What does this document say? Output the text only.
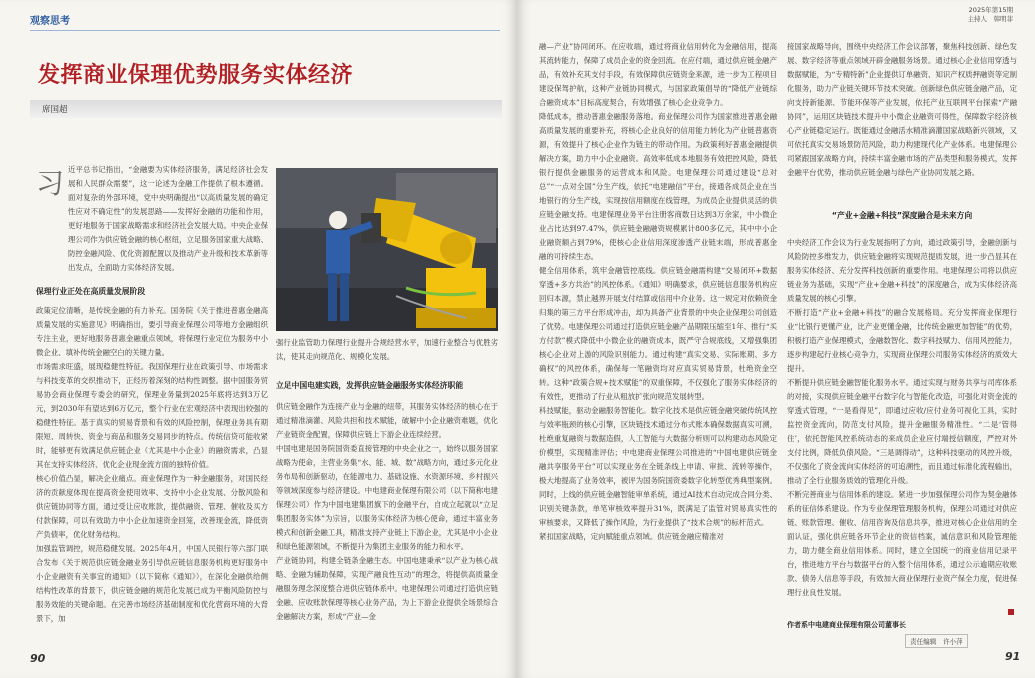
观察思考
发挥商业保理优势服务实体经济
席国超
习 近平总书记指出，“金融要为实体经济服务，满足经济社会发展和人民群众需要”，这一论述为金融工作提供了根本遵循。面对复杂的外部环境，党中央明确提出“以高质量发展的确定性应对不确定性”的发展思路——发挥好金融的功能和作用，更好地服务于国家战略需求和经济社会发展大局。中央企业保理公司作为供应链金融的核心枢纽，立足服务国家重大战略、防控金融风险、优化资源配置以及推动产业升级和技术革新等出发点，全面助力实体经济发展。
保理行业正处在高质量发展阶段
政策定位清晰，是传统金融的有力补充。国务院《关于推进普惠金融高质量发展的实施意见》明确指出，要引导商业保理公司等地方金融组织专注主业，更好地服务普惠金融重点领域，将保理行业定位为服务中小微企业、填补传统金融空白的关键力量。
市场需求旺盛，展现稳健性特征。我国保理行业在政策引导、市场需求与科技变革的交织推动下，正经历着深刻的结构性调整。据中国服务贸易协会商业保理专委会的研究，保理业务量到2025年底将达到3万亿元，到2030年有望达到6万亿元，整个行业在宏观经济中表现出较强的稳健性特征。基于真实的贸易背景和有效的风险控制，保理业务具有期限短、周转快、资金与商品和服务交易同步的特点。传统信贷可能收紧时，能够更有效满足供应链企业（尤其是中小企业）的融资需求，凸显其在支持实体经济、优化企业现金流方面的独特价值。
核心价值凸显，解决企业痛点。商业保理作为一种金融服务，对国民经济的贡献度体现在提高资金使用效率、支持中小企业发展、分散风险和供应链协同等方面，通过受让应收账款，提供融资、管理、催收及买方付款保障，可以有效助力中小企业加速资金回笼，改善现金流，降低资产负债率，优化财务结构。
加强监管调控，规范稳健发展。2025年4月，中国人民银行等六部门联合发布《关于规范供应链金融业务引导供应链信息服务机构更好服务中小企业融资有关事宜的通知》（以下简称《通知》），在深化金融供给侧结构性改革的背景下，供应链金融的规范化发展已成为平衡风险防控与服务效能的关键命题。在完善市场经济基础制度和优化营商环境的大背景下，加
强行业监管助力保理行业提升合规经营水平，加速行业整合与优胜劣汰，使其走向规范化、规模化发展。
立足中国电建实践，发挥供应链金融服务实体经济职能
供应链金融作为连接产业与金融的纽带，其服务实体经济的核心在于通过精准滴灌、风险共担和技术赋能，破解中小企业融资难题，优化产业链资金配置，保障供应链上下游企业连续经营。
中国电建是国务院国资委直接管理的中央企业之一，始终以服务国家战略为使命，主营业务集“水、能、城、数”战略方向，通过多元化业务布局和创新驱动，在能源电力、基础设施、水资源环境、乡村振兴等领域深度参与经济建设。中电建商业保理有限公司（以下简称电建保理公司）作为中国电建集团旗下的金融平台，自成立起就以“立足集团服务实体”为宗旨，以服务实体经济为核心使命，通过丰富业务模式和创新金融工具，精准支持产业链上下游企业，尤其是中小企业和绿色能源领域，不断提升为集团主业服务的能力和水平。
产业链协同，构建全链条金融生态。中国电建秉承“以产业为核心战略、金融为辅助保障，实现产融良性互动”的理念，将提供高质量金融服务理念深度整合进供应链体系中。电建保理公司通过打造供应链金融、应收账款保理等核心业务产品，为上下游企业提供全场景综合金融解决方案，形成“产业—金
90
2025年第15期
主持人　韩明菲
融—产业”协同闭环。在应收端，通过将商业信用转化为金融信用，提高其流转能力，保障了成员企业的资金回流。在应付端，通过供应链金融产品，有效补充其支付手段，有效保障供应链资金来源，进一步为工程项目建设保驾护航，这种产业链协同模式，与国家政策倡导的“降低产业链综合融资成本”目标高度契合，有效增强了核心企业竞争力。
降低成本，推动普惠金融服务落地。商业保理公司作为国家推进普惠金融高质量发展的重要补充，将核心企业良好的信用能力转化为产业链普惠资源，有效提升了核心企业作为链主的带动作用。为政策利好普惠金融提供解决方案，助力中小企业融资。高效率低成本地服务有效把控风险，降低银行提供金融服务的运营成本和风险。电建保理公司通过建设“总对总”“一点对全国”分生产线，依托“电建融信”平台，接通各成员企业在当地银行的分生产线，实现按信用额度在线管理，为成员企业提供灵活的供应链金融支持。电建保理业务平台注册客商数日达到3万余家，中小微企业占比达到97.47%，供应链金融融资规模累计800多亿元，其中中小企业融资额占到79%，使核心企业信用深度渗透产业链末端，形成普惠金融的可持续生态。
健全信用体系，筑牢金融管控底线。供应链金融需构建“交易闭环+数据穿透+多方共治”的风控体系。《通知》明确要求，供应链信息服务机构应回归本源，禁止越界开展支付结算或信用中介业务。这一规定对依赖资金归集的第三方平台形成冲击，却为具备产业背景的中央企业保理公司创造了优势。电建保理公司通过打造供应链金融产品期限压缩至1年、推行“买方付款”模式降低中小微企业的融资成本，既严守合规底线，又增强集团核心企业对上游的风险识别能力。通过构建“真实交易、实际账期、多方确权”的风控体系，确保每一笔融资均对应真实贸易背景，杜绝资金空转。这种“政策合规+技术赋能”的双重保障，不仅强化了服务实体经济的有效性，更推动了行业从粗放扩张向规范发展转型。
科技赋能，驱动金融服务智能化。数字化技术是供应链金融突破传统风控与效率瓶颈的核心引擎，区块链技术通过分布式账本确保数据真实可溯，杜绝重复融资与数据造假，人工智能与大数据分析则可以构建动态风险定价模型，实现精准评估；中电建商业保理公司推进的“中国电建供应链金融共享服务平台”可以实现业务在全链条线上申请、审批、流转等操作，极大地提高了业务效率，被评为国务院国资委数字化转型优秀典型案例。同时，上线的供应链金融智能审单系统，通过AI技术自动完成合同分类、识别关键条款，单笔审核效率提升31%，既满足了监管对贸易真实性的审核要求，又降低了操作风险，为行业提供了“技术合规”的标杆范式。
紧扣国家战略，定向赋能重点领域。供应链金融应精准对
接国家战略导向，围绕中央经济工作会议部署，聚焦科技创新、绿色发展、数字经济等重点领域开辟金融服务场景。通过核心企业信用穿透与数据赋能，为“专精特新”企业提供订单融资、知识产权质押融资等定制化服务，助力产业链关键环节技术突破。创新绿色供应链金融产品，定向支持新能源、节能环保等产业发展，依托产业互联网平台探索“产融协同”，运用区块链技术提升中小微企业融资可得性，保障数字经济核心产业链稳定运行。既能通过金融活水精准滴灌国家战略新兴领域，又可依托真实交易场景防范风险，助力构建现代化产业体系。电建保理公司紧跟国家战略方向，持续丰富金融市场的产品类型和服务模式，发挥金融平台优势，推动供应链金融与绿色产业协同发展之路。
“产业+金融+科技”深度融合是未来方向
中央经济工作会议为行业发展指明了方向，通过政策引导，金融创新与风险防控多维发力，供应链金融将实现规范提质发展，进一步凸显其在服务实体经济、充分发挥科技创新的重要作用。电建保理公司将以供应链业务为基础，实现“产业+金融+科技”的深度融合，成为实体经济高质量发展的核心引擎。
不断打造“产业+金融+科技”的融合发展格局。充分发挥商业保理行业“比银行更懂产业，比产业更懂金融，比传统金融更加智能”的优势，积极打造产业保理模式，金融数智化、数字科技赋力、信用风控能力，逐步构建起行业核心竞争力，实现商业保理公司服务实体经济的质效大提升。
不断提升供应链金融智能化服务水平。通过实现与财务共享与司库体系的对接，实现供应链金融平台数字化与智能化改造，可强化对资金流的穿透式管理，“一是看得见”，即通过应收/应付业务可视化工具，实时监控资金流向，防范支付风险，提升金融服务精准性。“二是‘管得住’，依托智能风控系统动态的来成员企业应付端授信额度，严控对外支付比例，降低负债风险。“三是调得动”，这种科技驱动的风控升级，不仅强化了资金流向实体经济的可追溯性，而且通过标准化流程输出，推动了全行业服务质效的管理化升级。
不断完善商业与信用体系的建设。紧进一步加强保理公司作为契金融体系的征信体系建设。作为专业保理管理服务机构，保理公司通过对供应链、账款管理、催收、信用咨询及信息共享，推进对核心企业信用的全面认证，强化供应链各环节企业的资信档案，诚信意识和风险管理能力，助力健全商业信用体系。同时，建立全国统一的商业信用记录平台，推进地方平台与数据平台的入整个信用体系，通过公示逾期应收账款、债务人信息等手段，有效加大商业保理行业资产保全力度，促进保理行业良性发展。
作者系中电建商业保理有限公司董事长
责任编辑　许小萍
91
